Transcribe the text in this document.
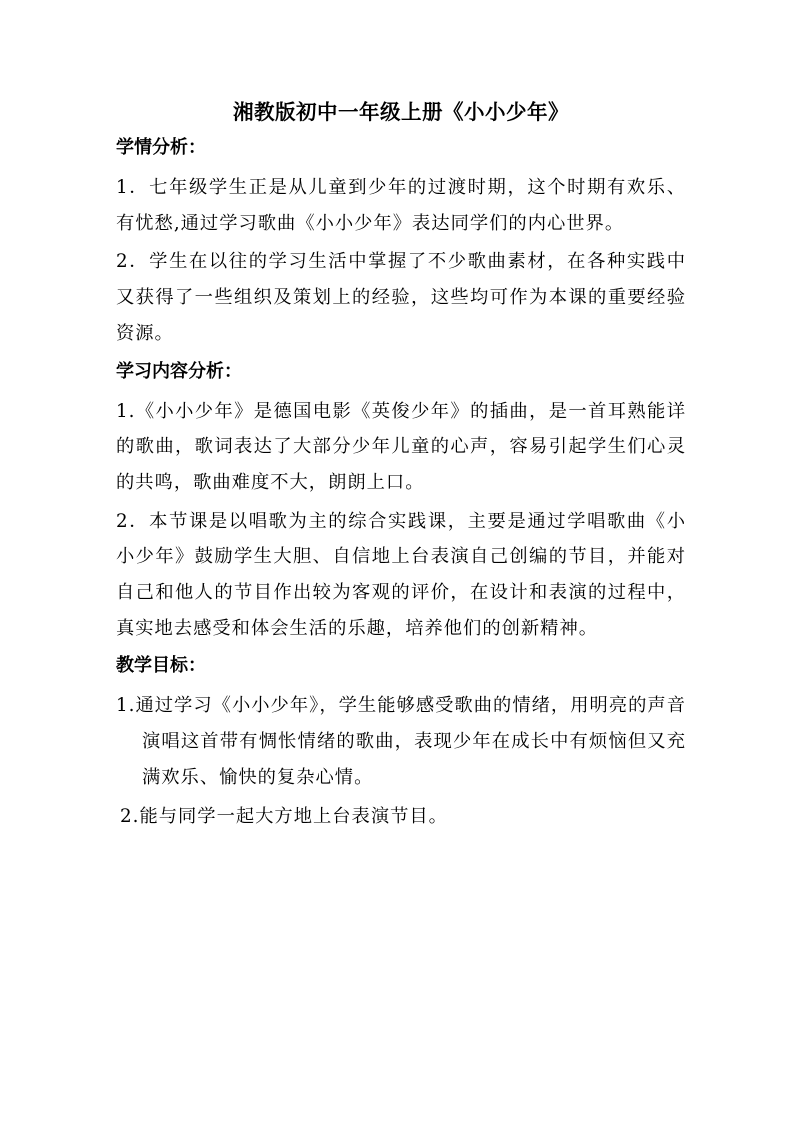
湘教版初中一年级上册《小小少年》
学情分析：

1．七年级学生正是从儿童到少年的过渡时期，这个时期有欢乐、有忧愁,通过学习歌曲《小小少年》表达同学们的内心世界。

2．学生在以往的学习生活中掌握了不少歌曲素材，在各种实践中又获得了一些组织及策划上的经验，这些均可作为本课的重要经验资源。

学习内容分析：

1.《小小少年》是德国电影《英俊少年》的插曲，是一首耳熟能详的歌曲，歌词表达了大部分少年儿童的心声，容易引起学生们心灵的共鸣，歌曲难度不大，朗朗上口。

2．本节课是以唱歌为主的综合实践课，主要是通过学唱歌曲《小小少年》鼓励学生大胆、自信地上台表演自己创编的节目，并能对自己和他人的节目作出较为客观的评价，在设计和表演的过程中，真实地去感受和体会生活的乐趣，培养他们的创新精神。

教学目标：

1.通过学习《小小少年》，学生能够感受歌曲的情绪，用明亮的声音演唱这首带有惆怅情绪的歌曲，表现少年在成长中有烦恼但又充满欢乐、愉快的复杂心情。

2.能与同学一起大方地上台表演节目。
